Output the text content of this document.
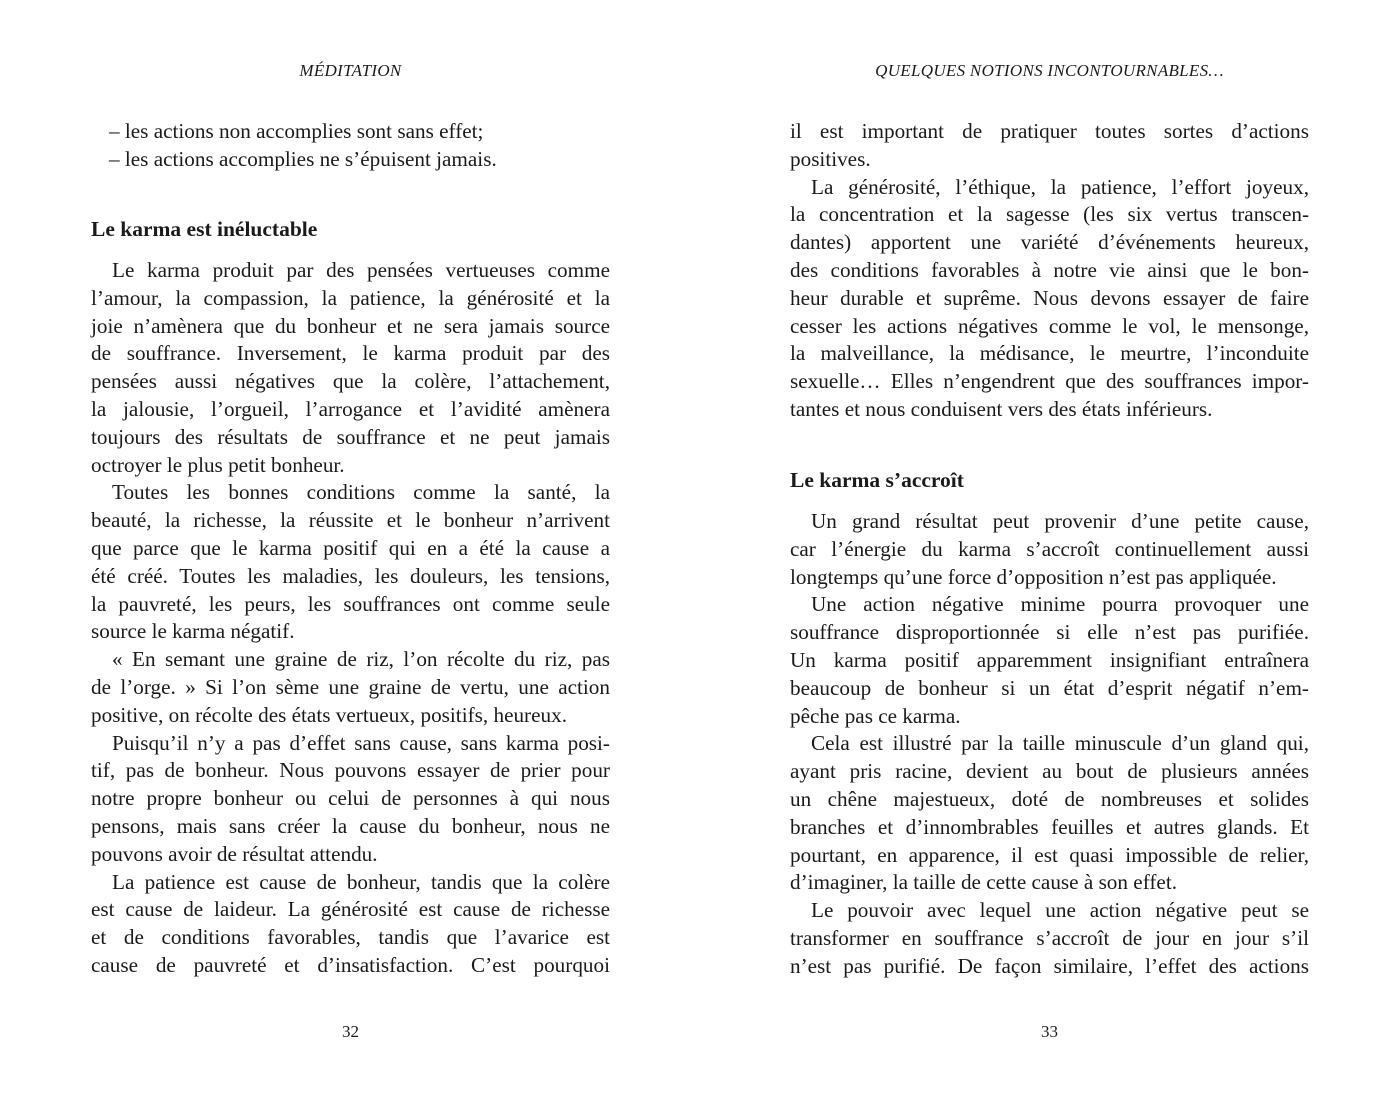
MÉDITATION
– les actions non accomplies sont sans effet;
– les actions accomplies ne s’épuisent jamais.
Le karma est inéluctable
Le karma produit par des pensées vertueuses comme
l’amour, la compassion, la patience, la générosité et la
joie n’amènera que du bonheur et ne sera jamais source
de souffrance. Inversement, le karma produit par des
pensées aussi négatives que la colère, l’attachement,
la jalousie, l’orgueil, l’arrogance et l’avidité amènera
toujours des résultats de souffrance et ne peut jamais
octroyer le plus petit bonheur.
Toutes les bonnes conditions comme la santé, la
beauté, la richesse, la réussite et le bonheur n’arrivent
que parce que le karma positif qui en a été la cause a
été créé. Toutes les maladies, les douleurs, les tensions,
la pauvreté, les peurs, les souffrances ont comme seule
source le karma négatif.
« En semant une graine de riz, l’on récolte du riz, pas
de l’orge. » Si l’on sème une graine de vertu, une action
positive, on récolte des états vertueux, positifs, heureux.
Puisqu’il n’y a pas d’effet sans cause, sans karma posi-
tif, pas de bonheur. Nous pouvons essayer de prier pour
notre propre bonheur ou celui de personnes à qui nous
pensons, mais sans créer la cause du bonheur, nous ne
pouvons avoir de résultat attendu.
La patience est cause de bonheur, tandis que la colère
est cause de laideur. La générosité est cause de richesse
et de conditions favorables, tandis que l’avarice est
cause de pauvreté et d’insatisfaction. C’est pourquoi
32
QUELQUES NOTIONS INCONTOURNABLES…
il est important de pratiquer toutes sortes d’actions
positives.
La générosité, l’éthique, la patience, l’effort joyeux,
la concentration et la sagesse (les six vertus transcen-
dantes) apportent une variété d’événements heureux,
des conditions favorables à notre vie ainsi que le bon-
heur durable et suprême. Nous devons essayer de faire
cesser les actions négatives comme le vol, le mensonge,
la malveillance, la médisance, le meurtre, l’inconduite
sexuelle… Elles n’engendrent que des souffrances impor-
tantes et nous conduisent vers des états inférieurs.
Le karma s’accroît
Un grand résultat peut provenir d’une petite cause,
car l’énergie du karma s’accroît continuellement aussi
longtemps qu’une force d’opposition n’est pas appliquée.
Une action négative minime pourra provoquer une
souffrance disproportionnée si elle n’est pas purifiée.
Un karma positif apparemment insignifiant entraînera
beaucoup de bonheur si un état d’esprit négatif n’em-
pêche pas ce karma.
Cela est illustré par la taille minuscule d’un gland qui,
ayant pris racine, devient au bout de plusieurs années
un chêne majestueux, doté de nombreuses et solides
branches et d’innombrables feuilles et autres glands. Et
pourtant, en apparence, il est quasi impossible de relier,
d’imaginer, la taille de cette cause à son effet.
Le pouvoir avec lequel une action négative peut se
transformer en souffrance s’accroît de jour en jour s’il
n’est pas purifié. De façon similaire, l’effet des actions
33
